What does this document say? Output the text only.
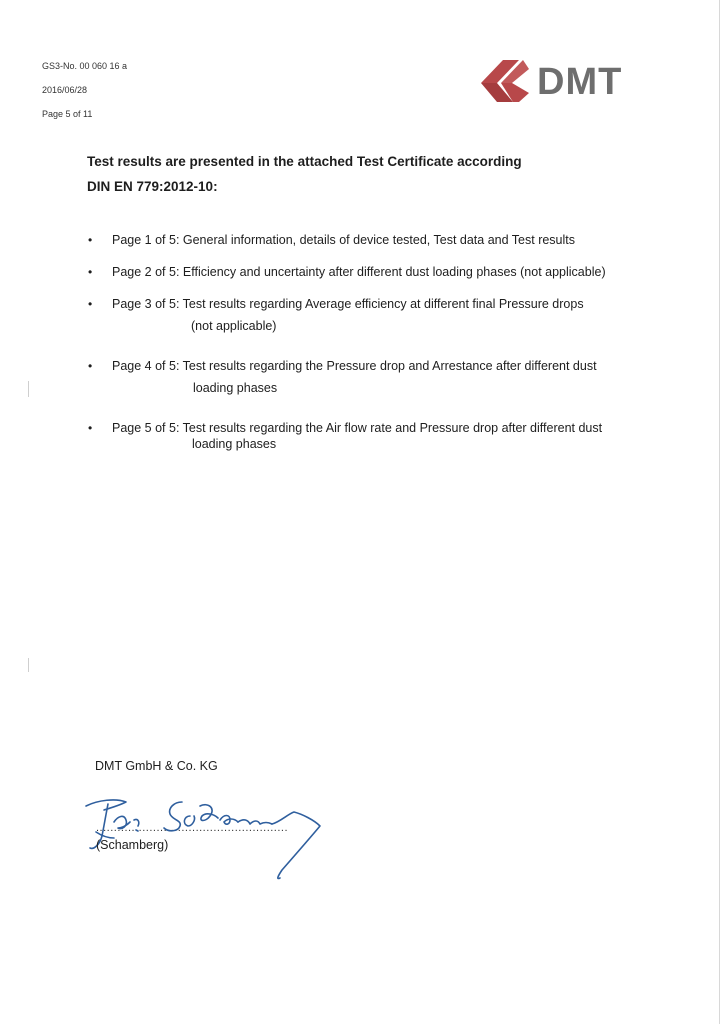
GS3-No. 00 060 16 a
2016/06/28
Page 5 of 11
DMT
Test results are presented in the attached Test Certificate according
DIN EN 779:2012-10:
• Page 1 of 5: General information, details of device tested, Test data and Test results
• Page 2 of 5: Efficiency and uncertainty after different dust loading phases (not applicable)
• Page 3 of 5: Test results regarding Average efficiency at different final Pressure drops
(not applicable)
• Page 4 of 5: Test results regarding the Pressure drop and Arrestance after different dust
loading phases
• Page 5 of 5: Test results regarding the Air flow rate and Pressure drop after different dust
loading phases
DMT GmbH & Co. KG
......................................................
(Schamberg)
